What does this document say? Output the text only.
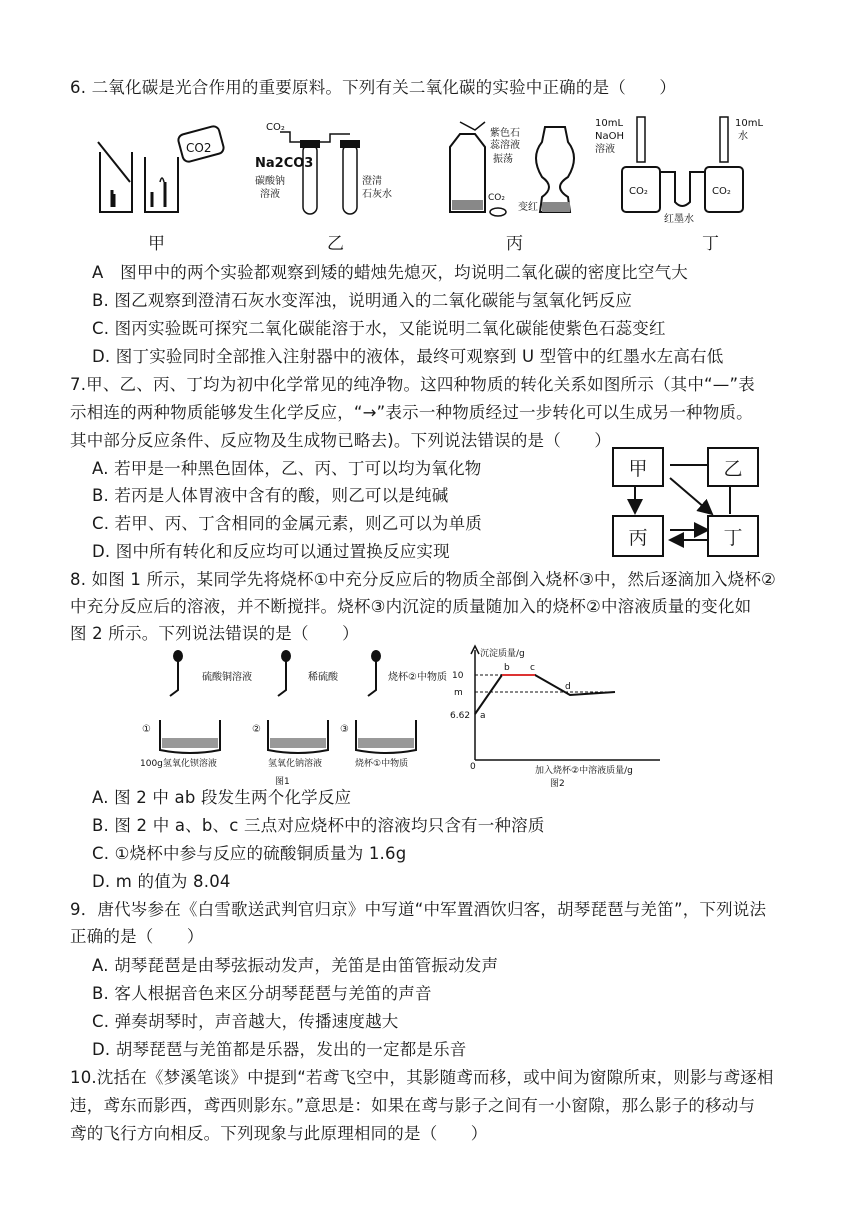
6. 二氧化碳是光合作用的重要原料。下列有关二氧化碳的实验中正确的是（　　）
CO2
CO₂
Na2CO3
碳酸钠
溶液
澄清
石灰水
紫色石
蕊溶液
振荡
CO₂
变红
10mL
NaOH
溶液
CO₂
红墨水
CO₂
10mL
水
甲	乙	丙	丁
A　图甲中的两个实验都观察到矮的蜡烛先熄灭，均说明二氧化碳的密度比空气大
B. 图乙观察到澄清石灰水变浑浊，说明通入的二氧化碳能与氢氧化钙反应
C. 图丙实验既可探究二氧化碳能溶于水，又能说明二氧化碳能使紫色石蕊变红
D. 图丁实验同时全部推入注射器中的液体，最终可观察到 U 型管中的红墨水左高右低
7.甲、乙、丙、丁均为初中化学常见的纯净物。这四种物质的转化关系如图所示（其中“—”表
示相连的两种物质能够发生化学反应，“→”表示一种物质经过一步转化可以生成另一种物质。
其中部分反应条件、反应物及生成物已略去)。下列说法错误的是（　　）
A. 若甲是一种黑色固体，乙、丙、丁可以均为氧化物
B. 若丙是人体胃液中含有的酸，则乙可以是纯碱
C. 若甲、丙、丁含相同的金属元素，则乙可以为单质
D. 图中所有转化和反应均可以通过置换反应实现
甲	乙
丙	丁
8. 如图 1 所示，某同学先将烧杯①中充分反应后的物质全部倒入烧杯③中，然后逐滴加入烧杯②
中充分反应后的溶液，并不断搅拌。烧杯③内沉淀的质量随加入的烧杯②中溶液质量的变化如
图 2 所示。下列说法错误的是（　　）
硫酸铜溶液	稀硫酸	烧杯②中物质
①
100g氢氧化钡溶液
②
氢氧化钠溶液
③
烧杯①中物质
图1
沉淀质量/g
10
m
6.62
0
a
b c
d
加入烧杯②中溶液质量/g
图2
A. 图 2 中 ab 段发生两个化学反应
B. 图 2 中 a、b、c 三点对应烧杯中的溶液均只含有一种溶质
C. ①烧杯中参与反应的硫酸铜质量为 1.6g
D. m 的值为 8.04
9．唐代岑参在《白雪歌送武判官归京》中写道“中军置酒饮归客，胡琴琵琶与羌笛”，下列说法
正确的是（　　）
A. 胡琴琵琶是由琴弦振动发声，羌笛是由笛管振动发声
B. 客人根据音色来区分胡琴琵琶与羌笛的声音
C. 弹奏胡琴时，声音越大，传播速度越大
D. 胡琴琵琶与羌笛都是乐器，发出的一定都是乐音
10.沈括在《梦溪笔谈》中提到“若鸢飞空中，其影随鸢而移，或中间为窗隙所束，则影与鸢逐相
违，鸢东而影西，鸢西则影东。”意思是：如果在鸢与影子之间有一小窗隙，那么影子的移动与
鸢的飞行方向相反。下列现象与此原理相同的是（　　）
